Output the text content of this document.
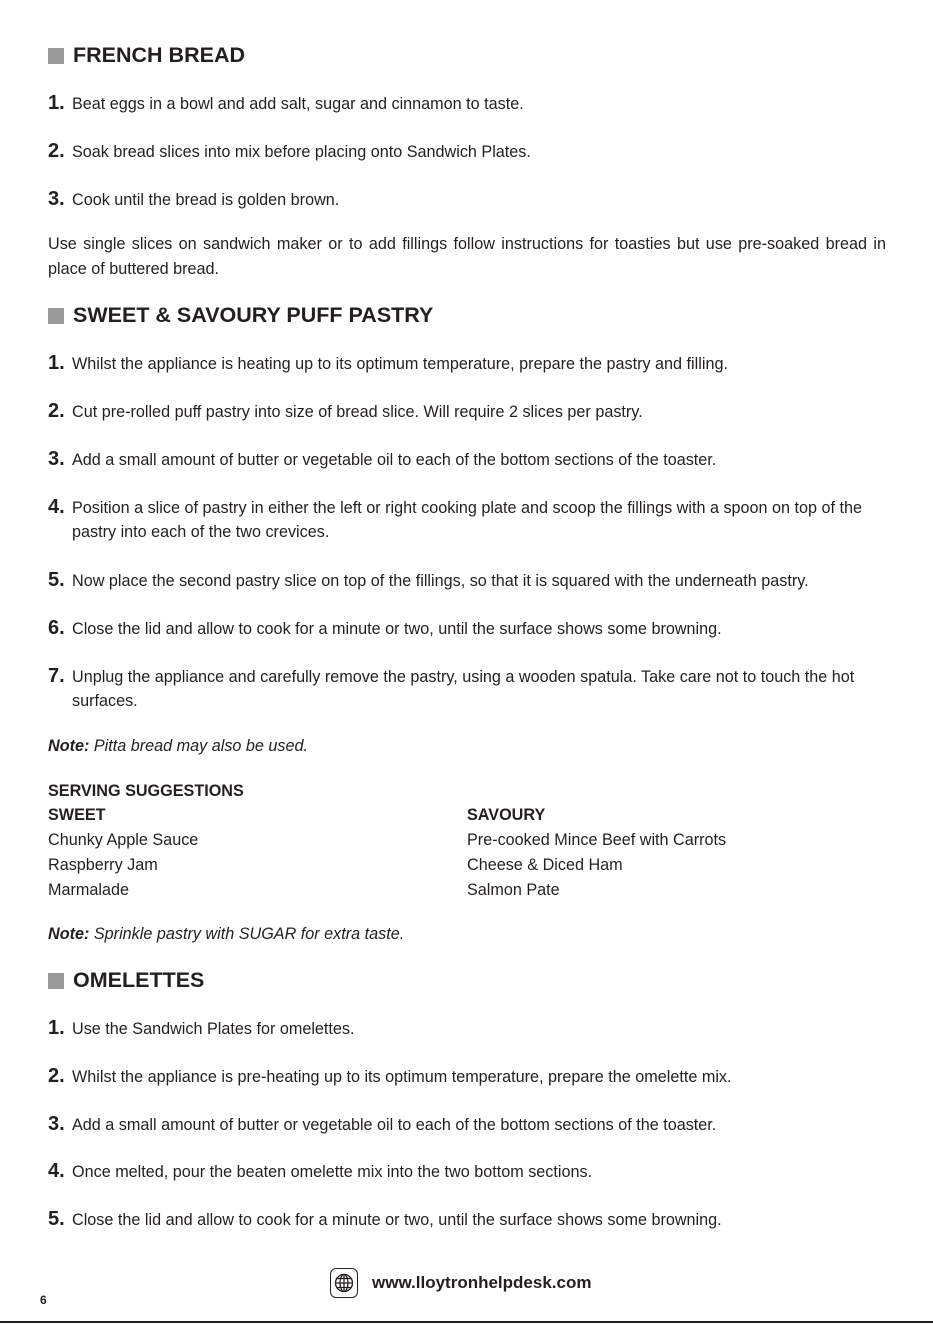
FRENCH BREAD
1. Beat eggs in a bowl and add salt, sugar and cinnamon to taste.
2. Soak bread slices into mix before placing onto Sandwich Plates.
3. Cook until the bread is golden brown.
Use single slices on sandwich maker or to add fillings follow instructions for toasties but use pre-soaked bread in place of buttered bread.
SWEET & SAVOURY PUFF PASTRY
1. Whilst the appliance is heating up to its optimum temperature, prepare the pastry and filling.
2. Cut pre-rolled puff pastry into size of bread slice. Will require 2 slices per pastry.
3. Add a small amount of butter or vegetable oil to each of the bottom sections of the toaster.
4. Position a slice of pastry in either the left or right cooking plate and scoop the fillings with a spoon on top of the pastry into each of the two crevices.
5. Now place the second pastry slice on top of the fillings, so that it is squared with the underneath pastry.
6. Close the lid and allow to cook for a minute or two, until the surface shows some browning.
7. Unplug the appliance and carefully remove the pastry, using a wooden spatula. Take care not to touch the hot surfaces.
Note: Pitta bread may also be used.
SERVING SUGGESTIONS
SWEET
Chunky Apple Sauce
Raspberry Jam
Marmalade
SAVOURY
Pre-cooked Mince Beef with Carrots
Cheese & Diced Ham
Salmon Pate
Note: Sprinkle pastry with SUGAR for extra taste.
OMELETTES
1. Use the Sandwich Plates for omelettes.
2. Whilst the appliance is pre-heating up to its optimum temperature, prepare the omelette mix.
3. Add a small amount of butter or vegetable oil to each of the bottom sections of the toaster.
4. Once melted, pour the beaten omelette mix into the two bottom sections.
5. Close the lid and allow to cook for a minute or two, until the surface shows some browning.
www.lloytronhelpdesk.com
6
